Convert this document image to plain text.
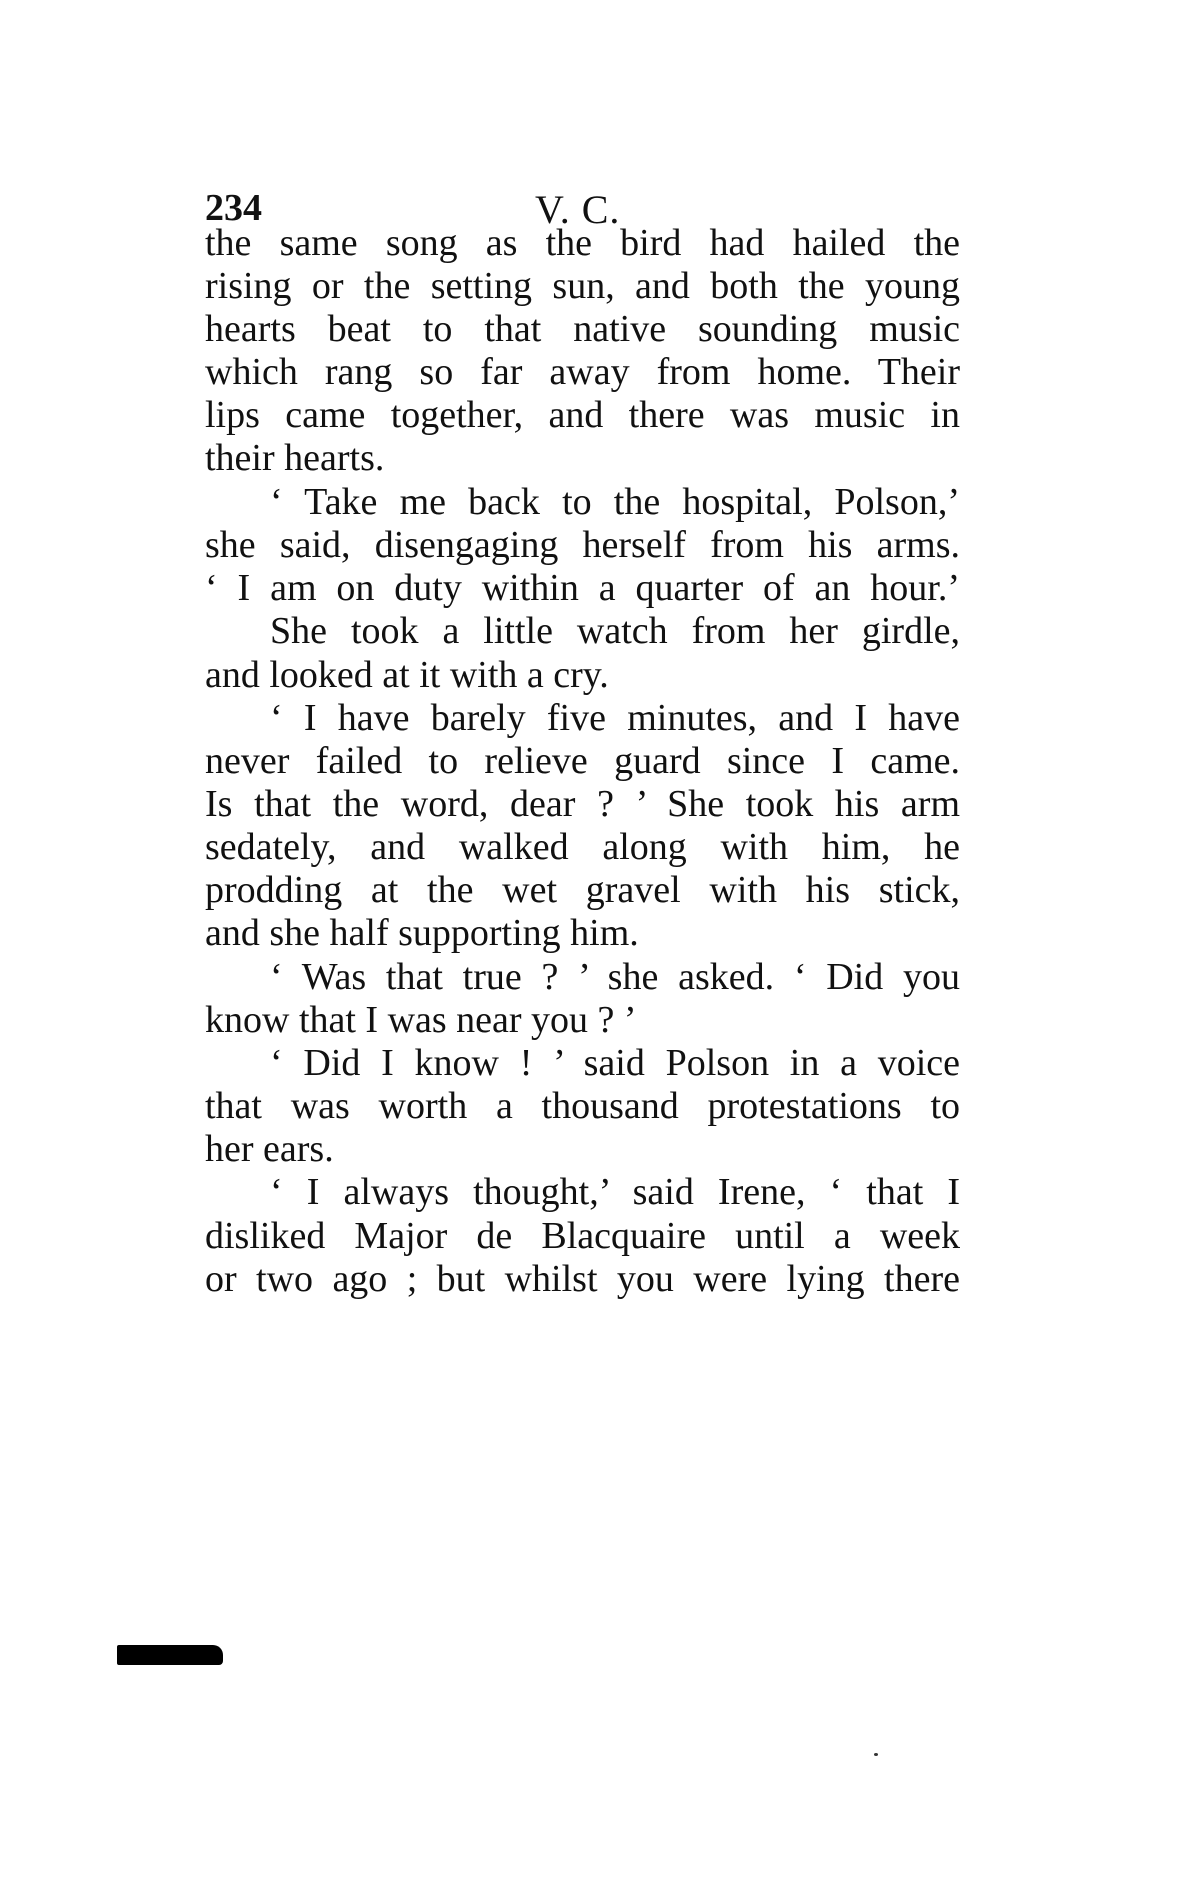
234	V. C.
the same song as the bird had hailed the
rising or the setting sun, and both the young
hearts beat to that native sounding music
which rang so far away from home. Their
lips came together, and there was music in
their hearts.
‘ Take me back to the hospital, Polson,’
she said, disengaging herself from his arms.
‘ I am on duty within a quarter of an hour.’
She took a little watch from her girdle,
and looked at it with a cry.
‘ I have barely five minutes, and I have
never failed to relieve guard since I came.
Is that the word, dear ? ’ She took his arm
sedately, and walked along with him, he
prodding at the wet gravel with his stick,
and she half supporting him.
‘ Was that true ? ’ she asked. ‘ Did you
know that I was near you ? ’
‘ Did I know ! ’ said Polson in a voice
that was worth a thousand protestations to
her ears.
‘ I always thought,’ said Irene, ‘ that I
disliked Major de Blacquaire until a week
or two ago ; but whilst you were lying there
